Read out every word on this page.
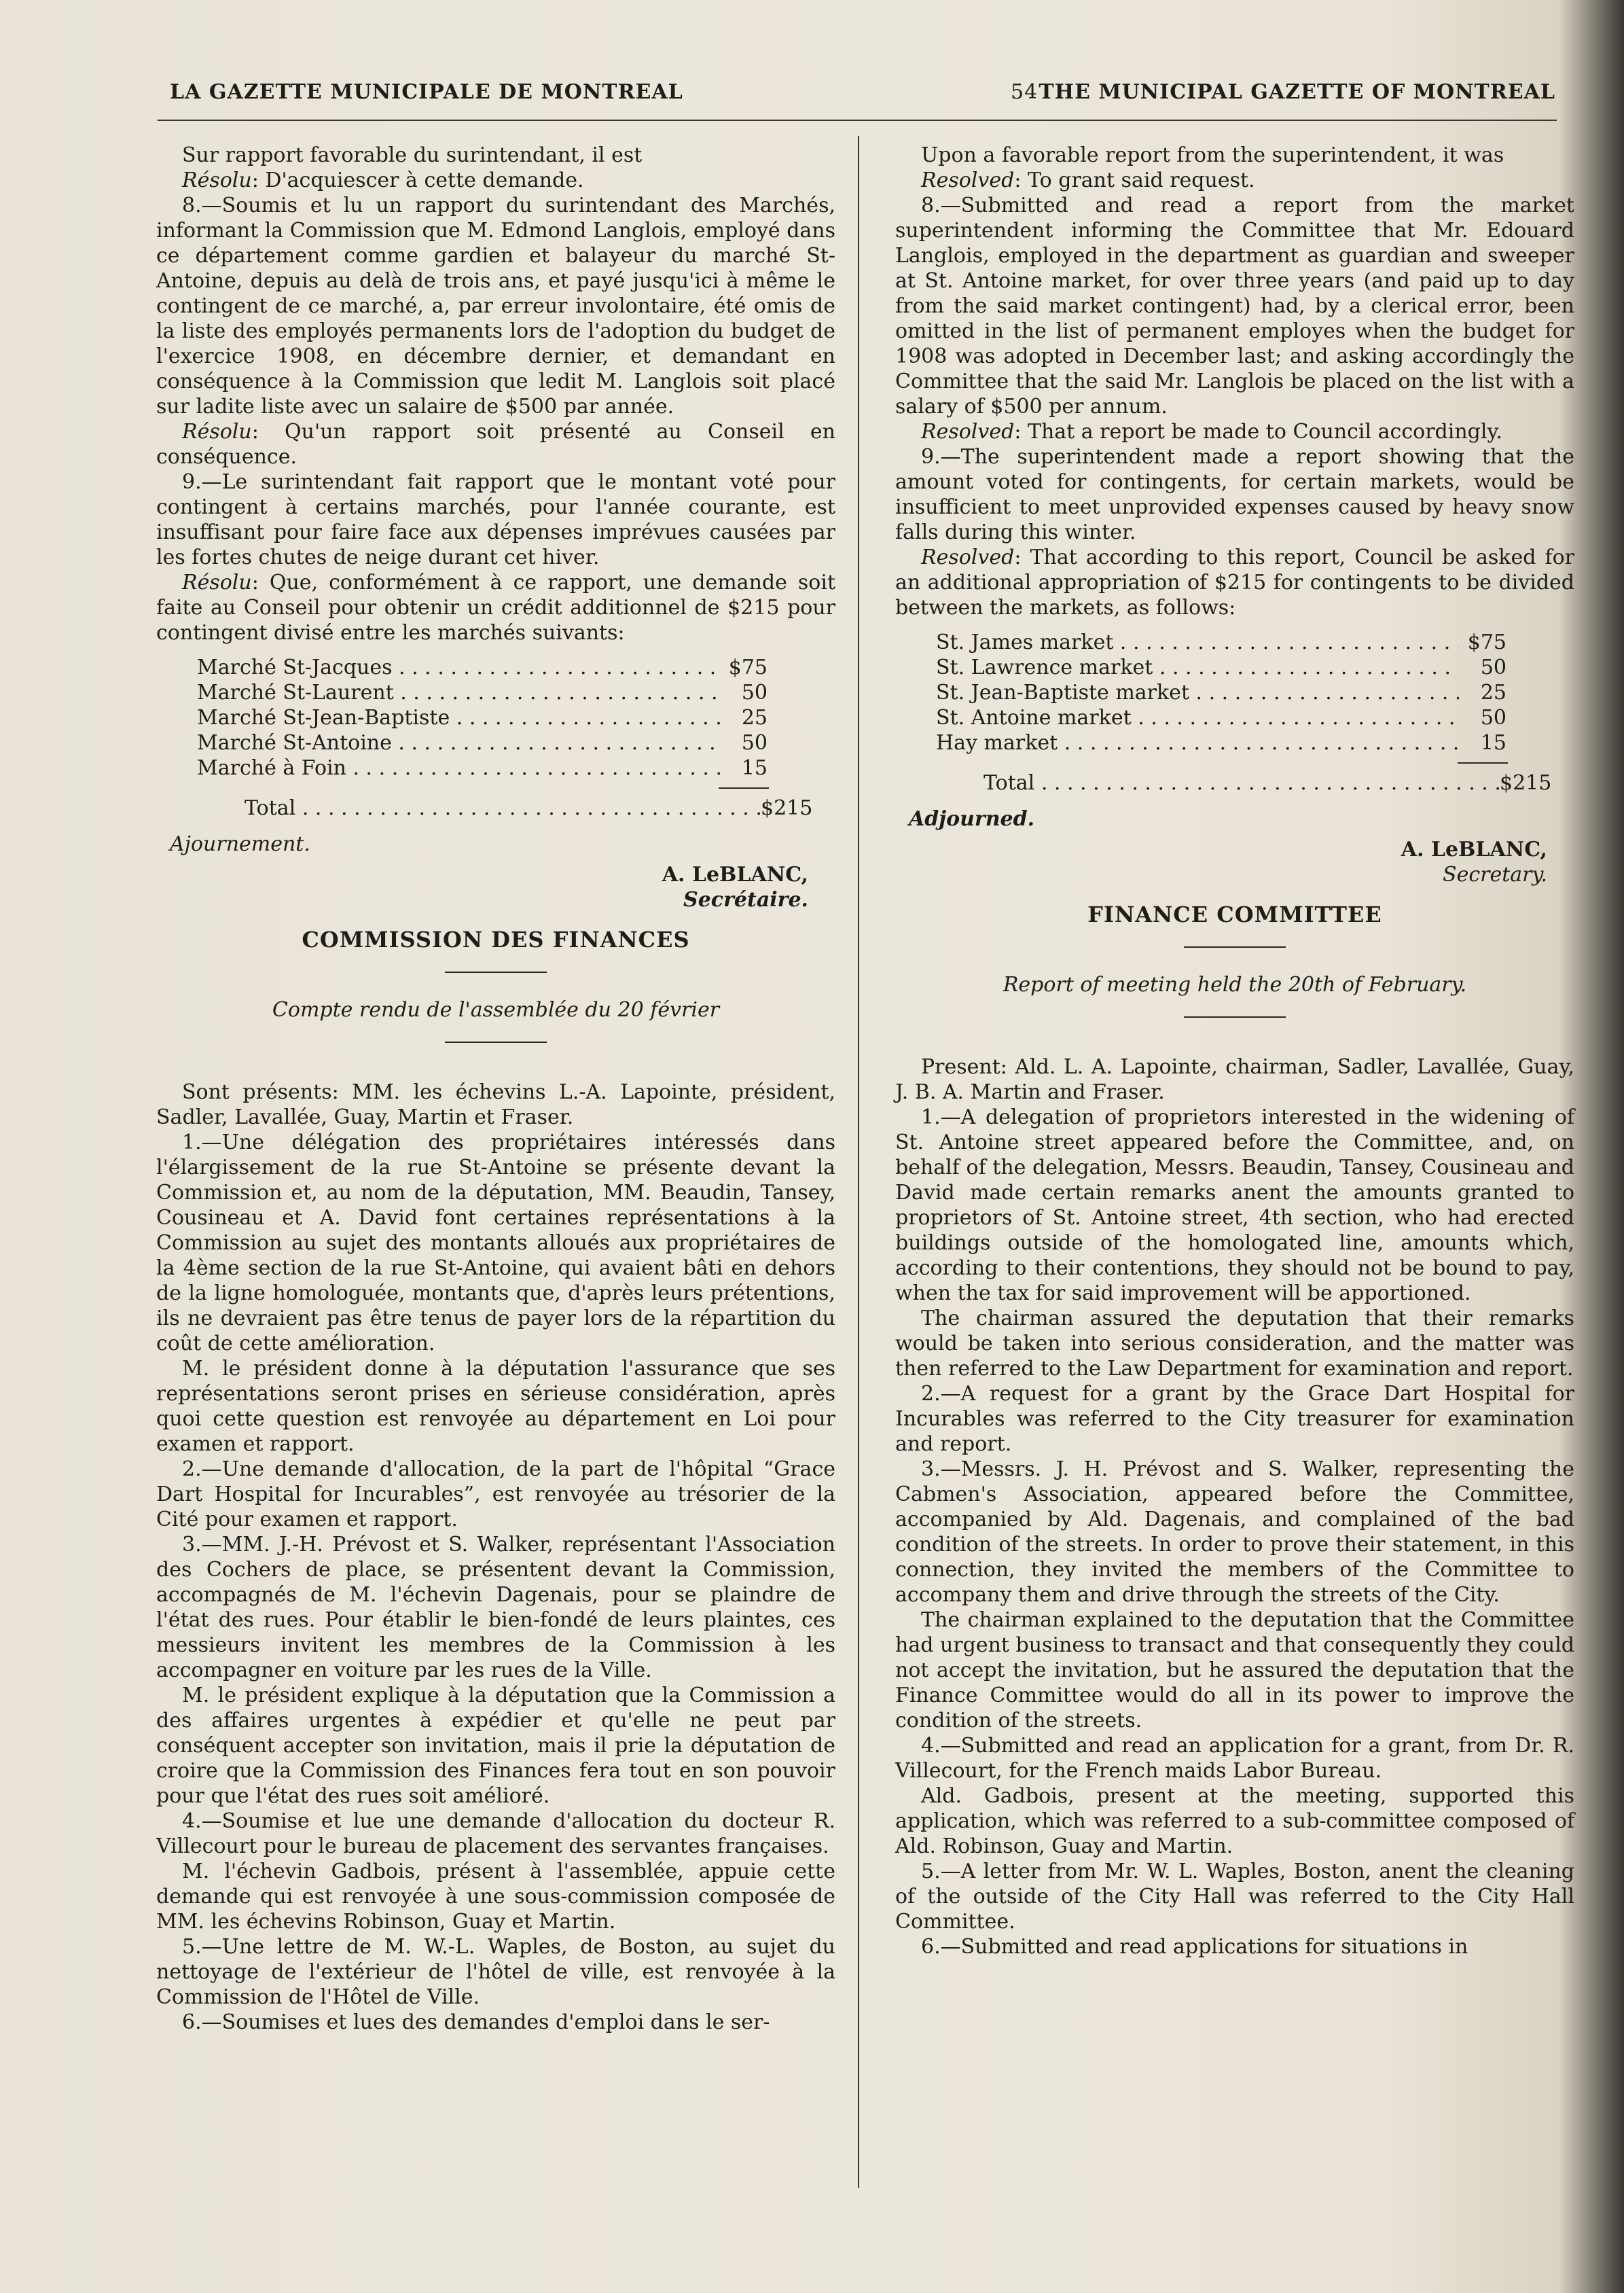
LA GAZETTE MUNICIPALE DE MONTREAL	54 THE MUNICIPAL GAZETTE OF MONTREAL

Sur rapport favorable du surintendant, il est

Résolu: D'acquiescer à cette demande.

8.—Soumis et lu un rapport du surintendant des Marchés, informant la Commission que M. Edmond Langlois, employé dans ce département comme gardien et balayeur du marché St-Antoine, depuis au delà de trois ans, et payé jusqu'ici à même le contingent de ce marché, a, par erreur involontaire, été omis de la liste des employés permanents lors de l'adoption du budget de l'exercice 1908, en décembre dernier, et demandant en conséquence à la Commission que ledit M. Langlois soit placé sur ladite liste avec un salaire de $500 par année.

Résolu: Qu'un rapport soit présenté au Conseil en conséquence.

9.—Le surintendant fait rapport que le montant voté pour contingent à certains marchés, pour l'année courante, est insuffisant pour faire face aux dépenses imprévues causées par les fortes chutes de neige durant cet hiver.

Résolu: Que, conformément à ce rapport, une demande soit faite au Conseil pour obtenir un crédit additionnel de $215 pour contingent divisé entre les marchés suivants:

Marché St-Jacques . . .	$75
Marché St-Laurent . . .	50
Marché St-Jean-Baptiste . . .	25
Marché St-Antoine . . .	50
Marché à Foin . . .	15
Total . . .	$215
Ajournement.
A. LeBLANC,
Secrétaire.
COMMISSION DES FINANCES
Compte rendu de l'assemblée du 20 février

Sont présents: MM. les échevins L.-A. Lapointe, président, Sadler, Lavallée, Guay, Martin et Fraser.

1.—Une délégation des propriétaires intéressés dans l'élargissement de la rue St-Antoine se présente devant la Commission et, au nom de la députation, MM. Beaudin, Tansey, Cousineau et A. David font certaines représentations à la Commission au sujet des montants alloués aux propriétaires de la 4ème section de la rue St-Antoine, qui avaient bâti en dehors de la ligne homologuée, montants que, d'après leurs prétentions, ils ne devraient pas être tenus de payer lors de la répartition du coût de cette amélioration.

M. le président donne à la députation l'assurance que ses représentations seront prises en sérieuse considération, après quoi cette question est renvoyée au département en Loi pour examen et rapport.

2.—Une demande d'allocation, de la part de l'hôpital “Grace Dart Hospital for Incurables”, est renvoyée au trésorier de la Cité pour examen et rapport.

3.—MM. J.-H. Prévost et S. Walker, représentant l'Association des Cochers de place, se présentent devant la Commission, accompagnés de M. l'échevin Dagenais, pour se plaindre de l'état des rues. Pour établir le bien-fondé de leurs plaintes, ces messieurs invitent les membres de la Commission à les accompagner en voiture par les rues de la Ville.

M. le président explique à la députation que la Commission a des affaires urgentes à expédier et qu'elle ne peut par conséquent accepter son invitation, mais il prie la députation de croire que la Commission des Finances fera tout en son pouvoir pour que l'état des rues soit amélioré.

4.—Soumise et lue une demande d'allocation du docteur R. Villecourt pour le bureau de placement des servantes françaises.

M. l'échevin Gadbois, présent à l'assemblée, appuie cette demande qui est renvoyée à une sous-commission composée de MM. les échevins Robinson, Guay et Martin.

5.—Une lettre de M. W.-L. Waples, de Boston, au sujet du nettoyage de l'extérieur de l'hôtel de ville, est renvoyée à la Commission de l'Hôtel de Ville.

6.—Soumises et lues des demandes d'emploi dans le ser-

Upon a favorable report from the superintendent, it was

Resolved: To grant said request.

8.—Submitted and read a report from the market superintendent informing the Committee that Mr. Edouard Langlois, employed in the department as guardian and sweeper at St. Antoine market, for over three years (and paid up to day from the said market contingent) had, by a clerical error, been omitted in the list of permanent employes when the budget for 1908 was adopted in December last; and asking accordingly the Committee that the said Mr. Langlois be placed on the list with a salary of $500 per annum.

Resolved: That a report be made to Council accordingly.

9.—The superintendent made a report showing that the amount voted for contingents, for certain markets, would be insufficient to meet unprovided expenses caused by heavy snow falls during this winter.

Resolved: That according to this report, Council be asked for an additional appropriation of $215 for contingents to be divided between the markets, as follows:

St. James market . . .	$75
St. Lawrence market . . .	50
St. Jean-Baptiste market . . .	25
St. Antoine market . . .	50
Hay market . . .	15
Total . . .	$215
Adjourned.
A. LeBLANC,
Secretary.
FINANCE COMMITTEE
Report of meeting held the 20th of February.

Present: Ald. L. A. Lapointe, chairman, Sadler, Lavallée, Guay, J. B. A. Martin and Fraser.

1.—A delegation of proprietors interested in the widening of St. Antoine street appeared before the Committee, and, on behalf of the delegation, Messrs. Beaudin, Tansey, Cousineau and David made certain remarks anent the amounts granted to proprietors of St. Antoine street, 4th section, who had erected buildings outside of the homologated line, amounts which, according to their contentions, they should not be bound to pay, when the tax for said improvement will be apportioned.

The chairman assured the deputation that their remarks would be taken into serious consideration, and the matter was then referred to the Law Department for examination and report.

2.—A request for a grant by the Grace Dart Hospital for Incurables was referred to the City treasurer for examination and report.

3.—Messrs. J. H. Prévost and S. Walker, representing the Cabmen's Association, appeared before the Committee, accompanied by Ald. Dagenais, and complained of the bad condition of the streets. In order to prove their statement, in this connection, they invited the members of the Committee to accompany them and drive through the streets of the City.

The chairman explained to the deputation that the Committee had urgent business to transact and that consequently they could not accept the invitation, but he assured the deputation that the Finance Committee would do all in its power to improve the condition of the streets.

4.—Submitted and read an application for a grant, from Dr. R. Villecourt, for the French maids Labor Bureau.

Ald. Gadbois, present at the meeting, supported this application, which was referred to a sub-committee composed of Ald. Robinson, Guay and Martin.

5.—A letter from Mr. W. L. Waples, Boston, anent the cleaning of the outside of the City Hall was referred to the City Hall Committee.

6.—Submitted and read applications for situations in
